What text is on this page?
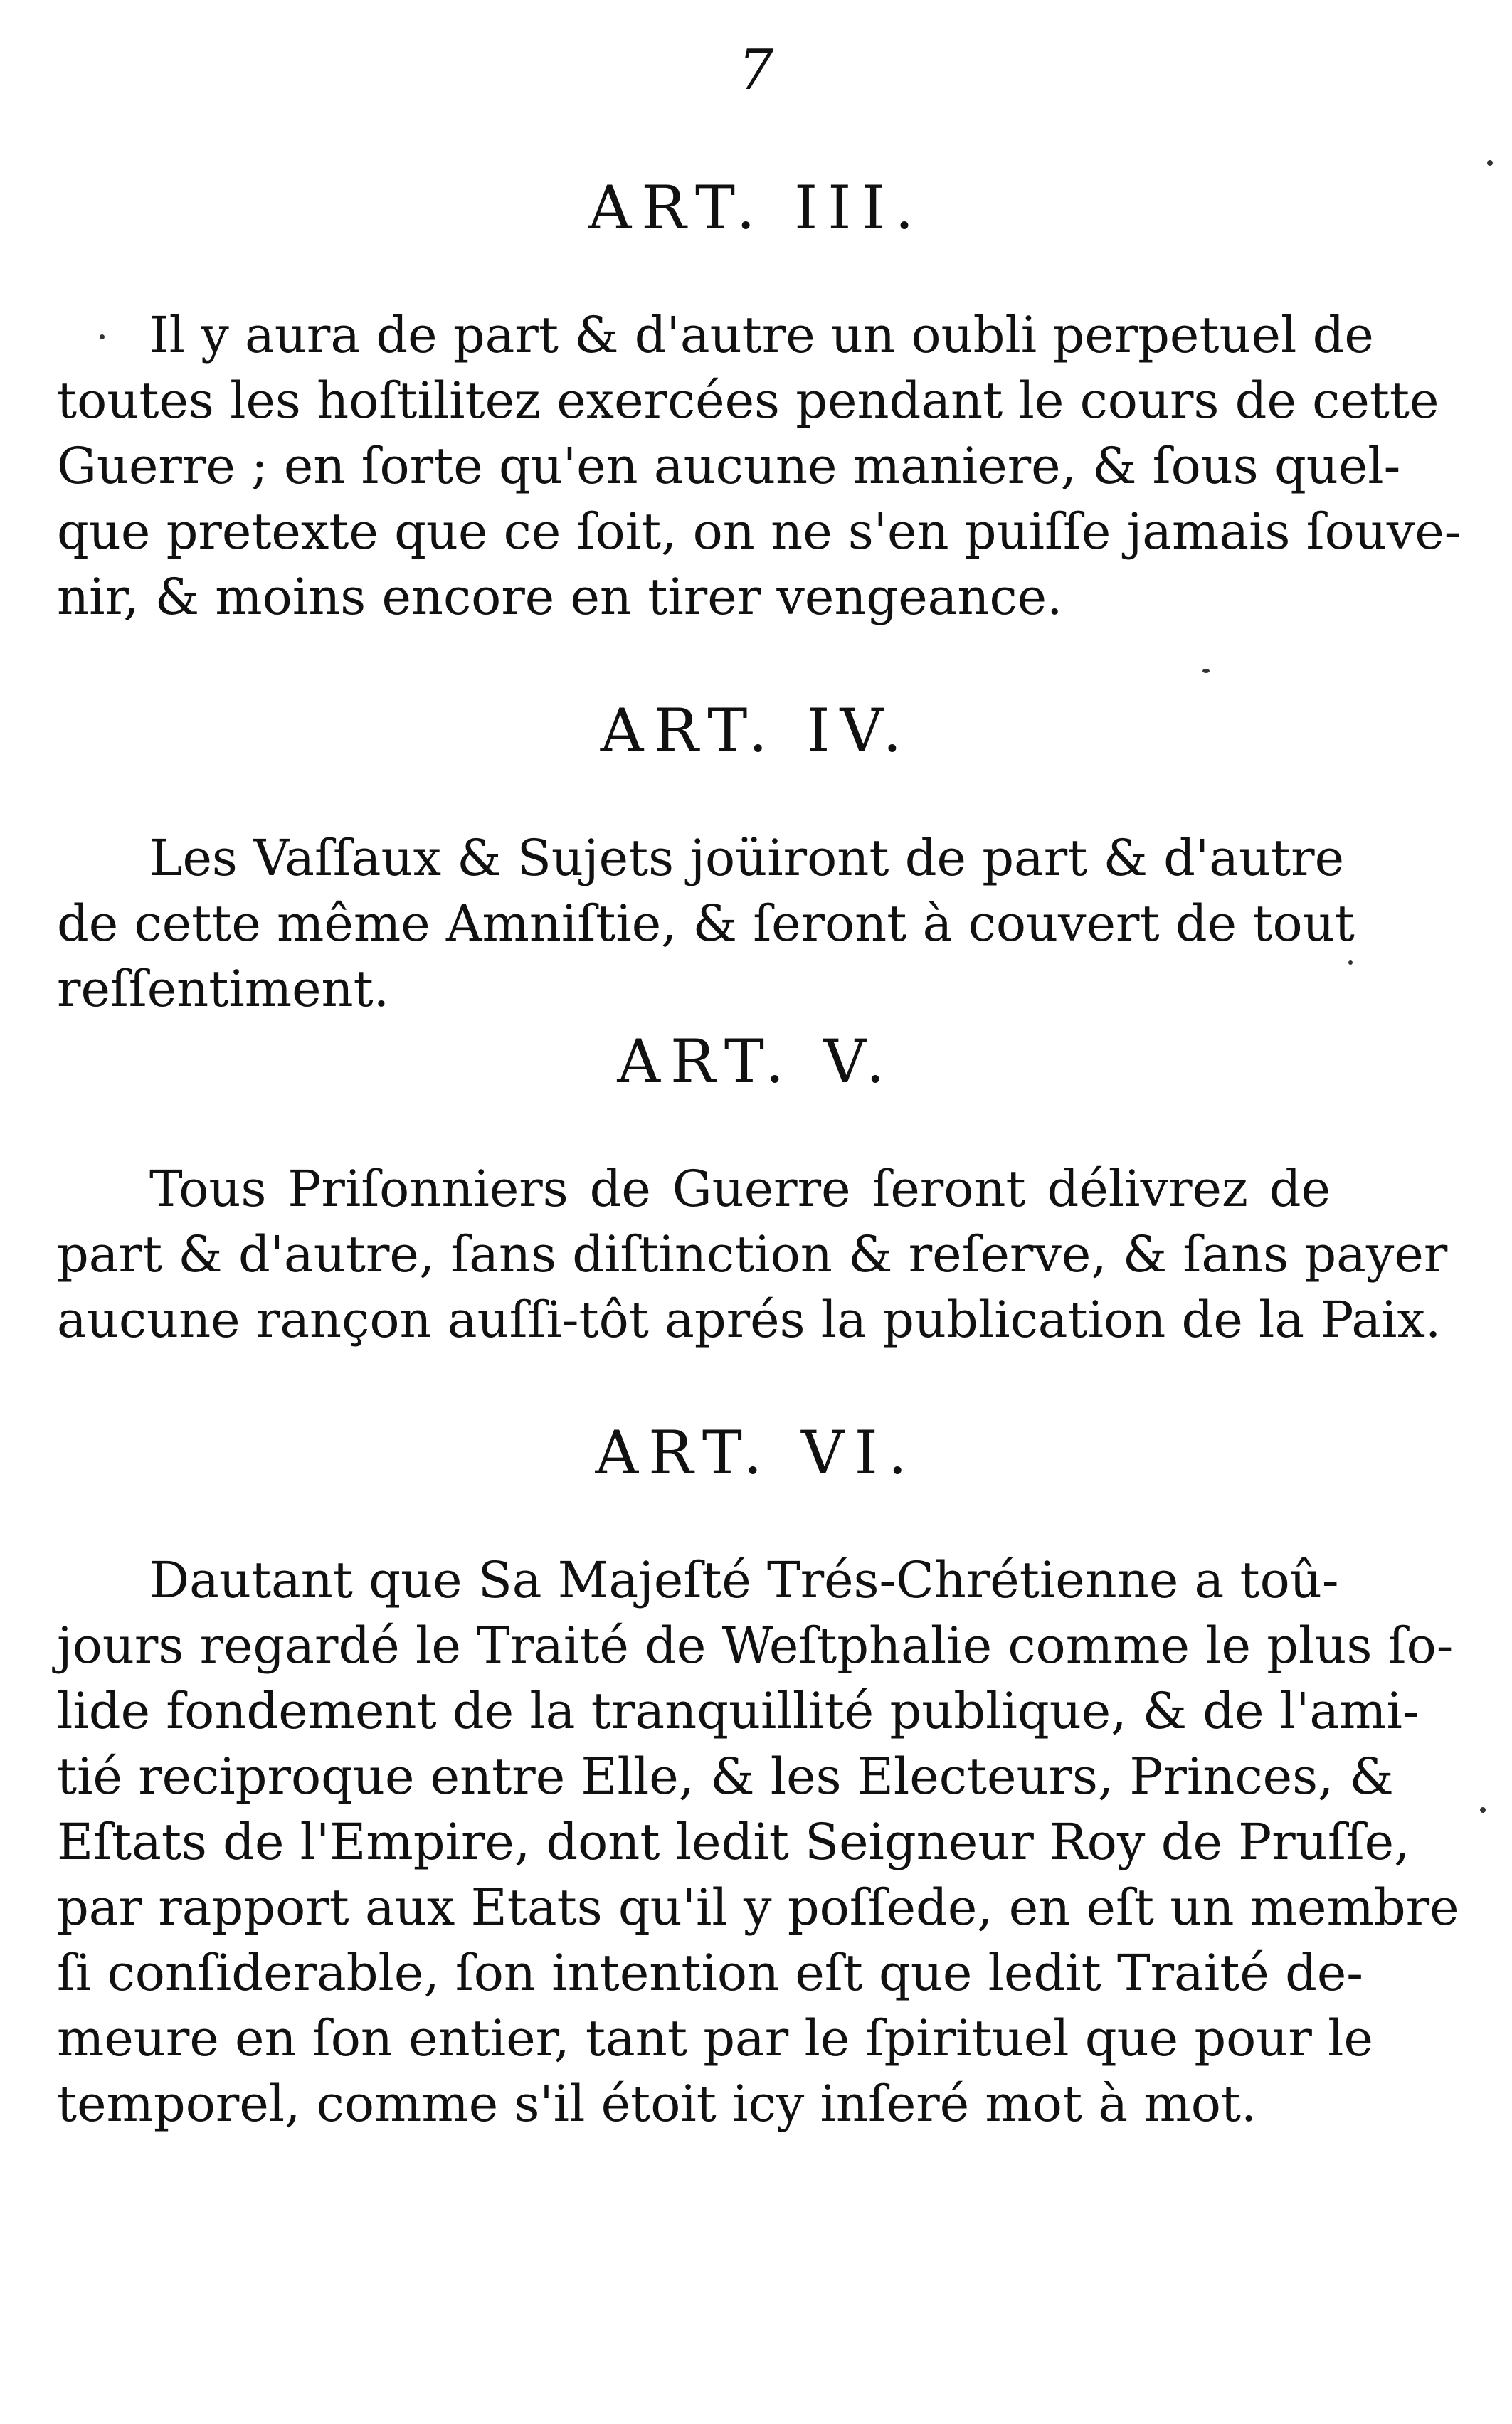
7
ART. III.
Il y aura de part & d'autre un oubli perpetuel de
toutes les hoſtilitez exercées pendant le cours de cette
Guerre ; en ſorte qu'en aucune maniere, & ſous quel-
que pretexte que ce ſoit, on ne s'en puiſſe jamais ſouve-
nir, & moins encore en tirer vengeance.
ART. IV.
Les Vaſſaux & Sujets joüiront de part & d'autre
de cette même Amniſtie, & ſeront à couvert de tout
reſſentiment.
ART. V.
Tous Priſonniers de Guerre ſeront délivrez de
part & d'autre, ſans diſtinction & reſerve, & ſans payer
aucune rançon auſſi-tôt aprés la publication de la Paix.
ART. VI.
Dautant que Sa Majeſté Trés-Chrétienne a toû-
jours regardé le Traité de Weſtphalie comme le plus ſo-
lide fondement de la tranquillité publique, & de l'ami-
tié reciproque entre Elle, & les Electeurs, Princes, &
Eſtats de l'Empire, dont ledit Seigneur Roy de Pruſſe,
par rapport aux Etats qu'il y poſſede, en eſt un membre
ſi conſiderable, ſon intention eſt que ledit Traité de-
meure en ſon entier, tant par le ſpirituel que pour le
temporel, comme s'il étoit icy inſeré mot à mot.
